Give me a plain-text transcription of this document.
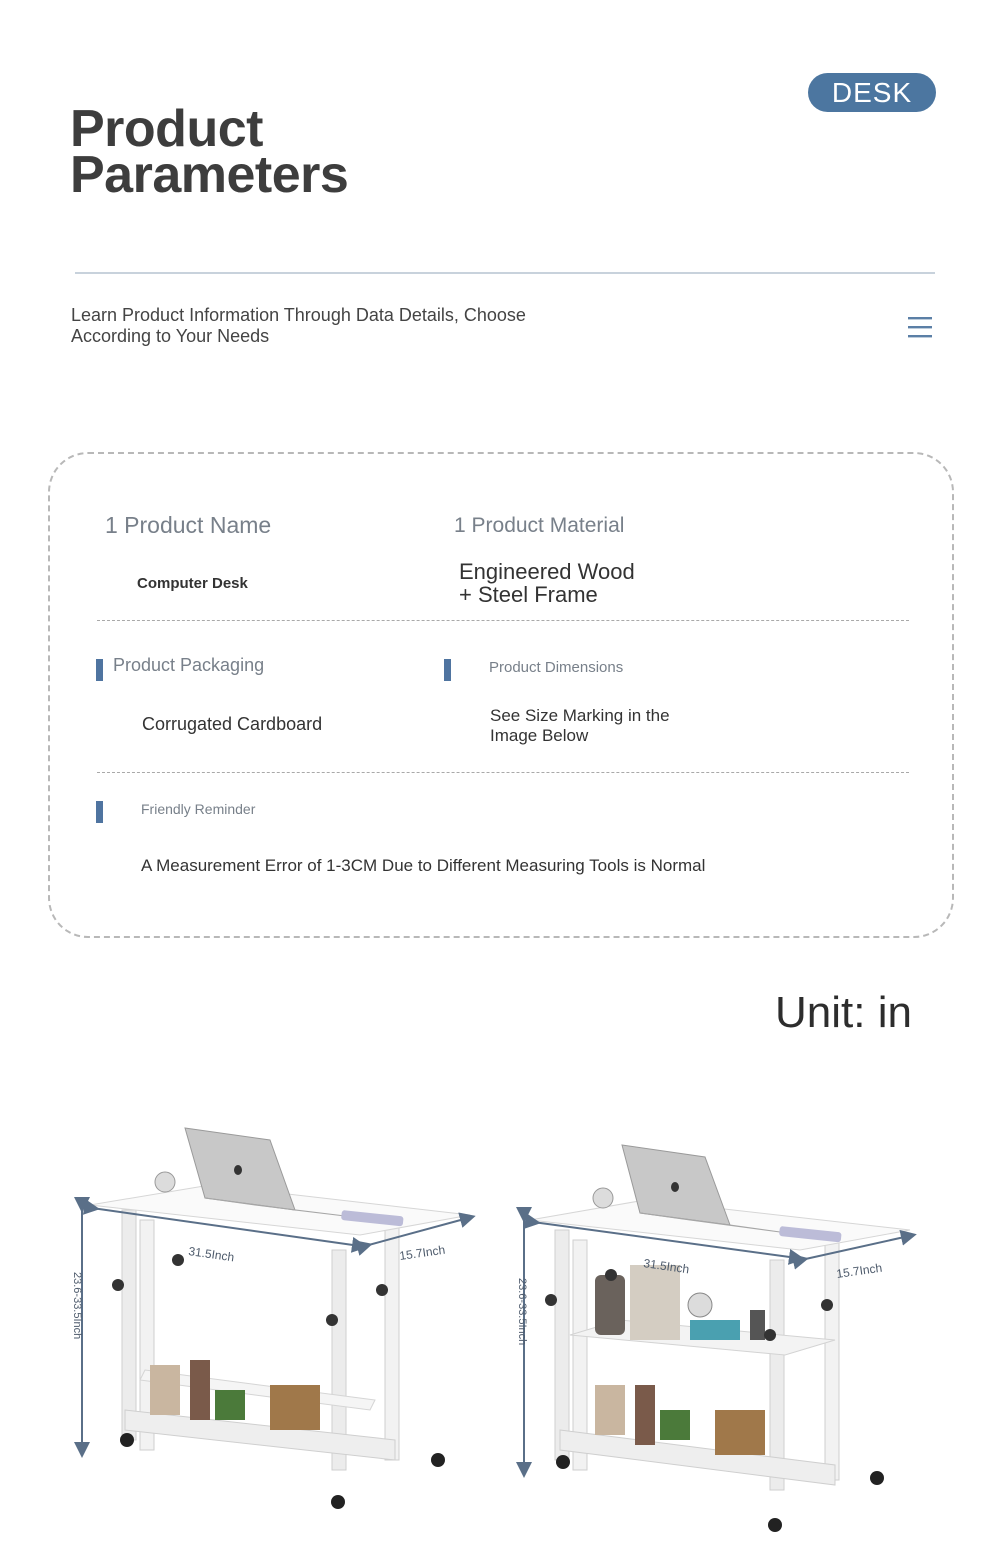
Product
Parameters
DESK
Learn Product Information Through Data Details, Choose
According to Your Needs
1 Product Name
Computer Desk
1 Product Material
Engineered Wood
+ Steel Frame
Product Packaging
Corrugated Cardboard
Product Dimensions
See Size Marking in the
Image Below
Friendly Reminder
A Measurement Error of 1-3CM Due to Different Measuring Tools is Normal
Unit: in
31.5Inch	15.7Inch
23.6-33.5Inch
31.5Inch	15.7Inch
23.6-33.5Inch
